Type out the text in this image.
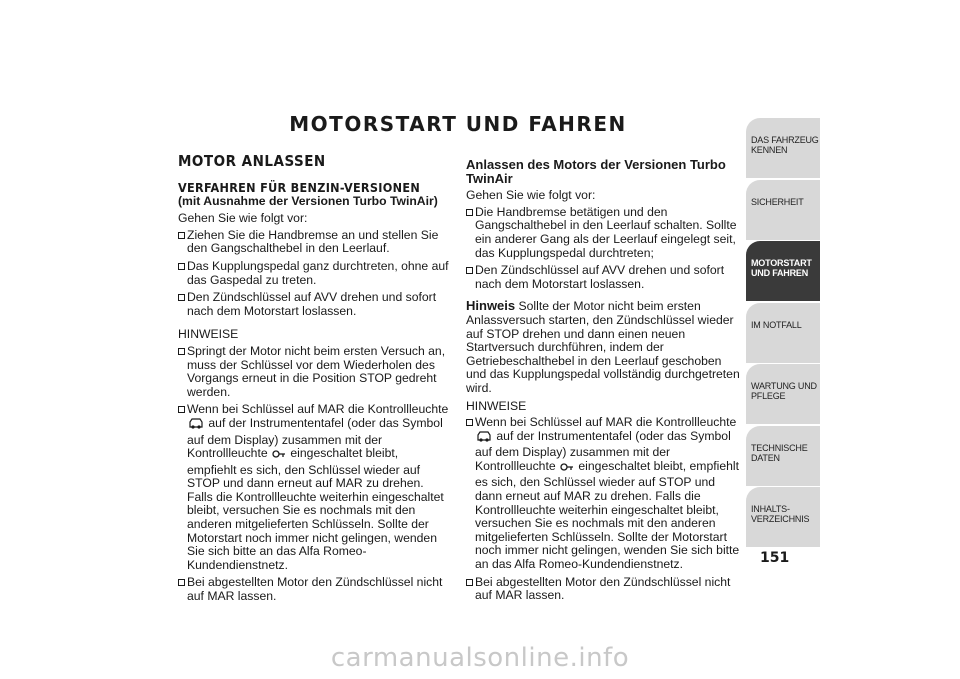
MOTORSTART UND FAHREN
MOTOR ANLASSEN
VERFAHREN FÜR BENZIN-VERSIONEN

(mit Ausnahme der Versionen Turbo TwinAir)

Gehen Sie wie folgt vor:

Ziehen Sie die Handbremse an und stellen Sie den Gangschalthebel in den Leerlauf.
Das Kupplungspedal ganz durchtreten, ohne auf das Gaspedal zu treten.
Den Zündschlüssel auf AVV drehen und sofort nach dem Motorstart loslassen.

HINWEISE

Springt der Motor nicht beim ersten Versuch an, muss der Schlüssel vor dem Wiederholen des Vorgangs erneut in die Position STOP gedreht werden.
Wenn bei Schlüssel auf MAR die Kontrollleuchte  auf der Instrumententafel (oder das Symbol auf dem Display) zusammen mit der Kontrollleuchte eingeschaltet bleibt, empfiehlt es sich, den Schlüssel wieder auf STOP und dann erneut auf MAR zu drehen. Falls die Kontrollleuchte weiterhin eingeschaltet bleibt, versuchen Sie es nochmals mit den anderen mitgelieferten Schlüsseln. Sollte der Motorstart noch immer nicht gelingen, wenden Sie sich bitte an das Alfa Romeo-Kundendienstnetz.
Bei abgestellten Motor den Zündschlüssel nicht auf MAR lassen.
Anlassen des Motors der Versionen Turbo TwinAir

Gehen Sie wie folgt vor:

Die Handbremse betätigen und den Gangschalthebel in den Leerlauf schalten. Sollte ein anderer Gang als der Leerlauf eingelegt seit, das Kupplungspedal durchtreten;
Den Zündschlüssel auf AVV drehen und sofort nach dem Motorstart loslassen.

Hinweis Sollte der Motor nicht beim ersten Anlassversuch starten, den Zündschlüssel wieder auf STOP drehen und dann einen neuen Startversuch durchführen, indem der Getriebeschalthebel in den Leerlauf geschoben und das Kupplungspedal vollständig durchgetreten wird.

HINWEISE

Wenn bei Schlüssel auf MAR die Kontrollleuchte  auf der Instrumententafel (oder das Symbol auf dem Display) zusammen mit der Kontrollleuchte eingeschaltet bleibt, empfiehlt es sich, den Schlüssel wieder auf STOP und dann erneut auf MAR zu drehen. Falls die Kontrollleuchte weiterhin eingeschaltet bleibt, versuchen Sie es nochmals mit den anderen mitgelieferten Schlüsseln. Sollte der Motorstart noch immer nicht gelingen, wenden Sie sich bitte an das Alfa Romeo-Kundendienstnetz.
Bei abgestellten Motor den Zündschlüssel nicht auf MAR lassen.
DAS FAHRZEUG
KENNEN
SICHERHEIT
MOTORSTART
UND FAHREN
IM NOTFALL
WARTUNG UND
PFLEGE
TECHNISCHE DATEN
INHALTS-
VERZEICHNIS
151
carmanualsonline.info
